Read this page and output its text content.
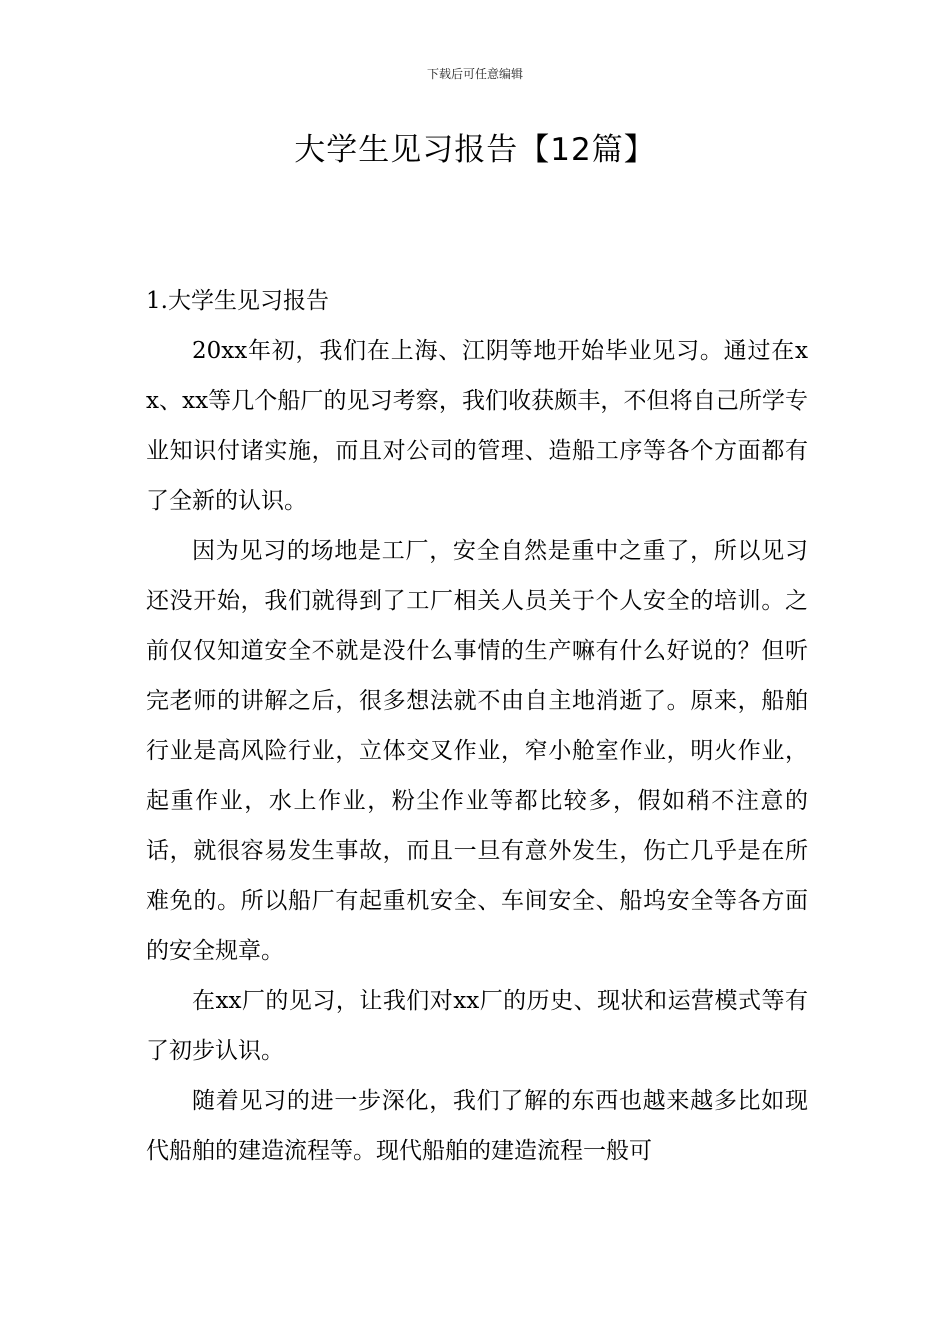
下载后可任意编辑
大学生见习报告【12篇】
1.大学生见习报告

20xx年初，我们在上海、江阴等地开始毕业见习。通过在xx、xx等几个船厂的见习考察，我们收获颇丰，不但将自己所学专业知识付诸实施，而且对公司的管理、造船工序等各个方面都有了全新的认识。

因为见习的场地是工厂，安全自然是重中之重了，所以见习还没开始，我们就得到了工厂相关人员关于个人安全的培训。之前仅仅知道安全不就是没什么事情的生产嘛有什么好说的？但听完老师的讲解之后，很多想法就不由自主地消逝了。原来，船舶行业是高风险行业，立体交叉作业，窄小舱室作业，明火作业，起重作业，水上作业，粉尘作业等都比较多，假如稍不注意的话，就很容易发生事故，而且一旦有意外发生，伤亡几乎是在所难免的。所以船厂有起重机安全、车间安全、船坞安全等各方面的安全规章。

在xx厂的见习，让我们对xx厂的历史、现状和运营模式等有了初步认识。

随着见习的进一步深化，我们了解的东西也越来越多比如现代船舶的建造流程等。现代船舶的建造流程一般可
